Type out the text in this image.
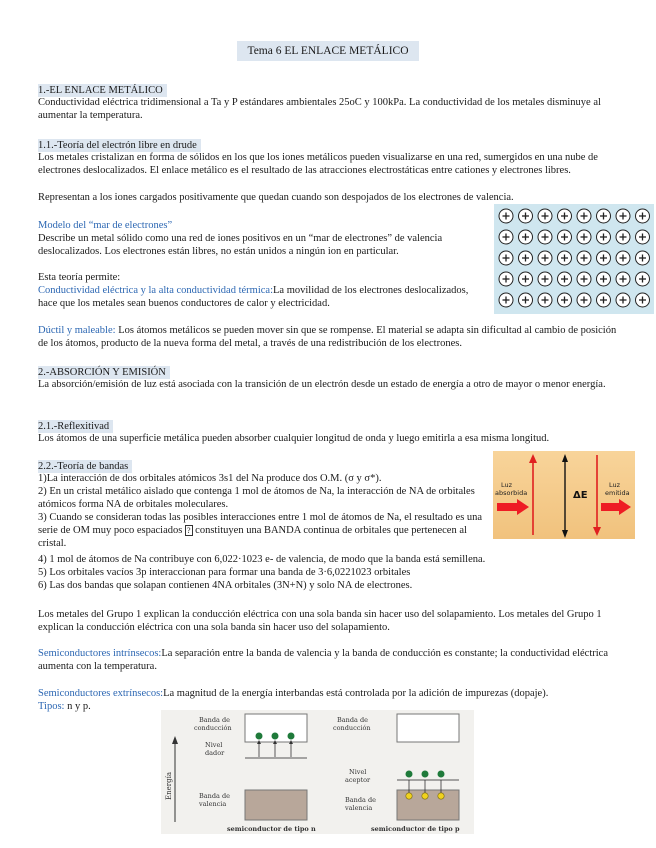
Tema 6 EL ENLACE METÁLICO
1.-EL ENLACE METÁLICO

Conductividad eléctrica tridimensional a Ta y P estándares ambientales 25oC y 100kPa. La conductividad de los metales disminuye al aumentar la temperatura.

1.1.-Teoría del electrón libre en drude

Los metales cristalizan en forma de sólidos en los que los iones metálicos pueden visualizarse en una red, sumergidos en una nube de electrones deslocalizados. El enlace metálico es el resultado de las atracciones electrostáticas entre cationes y electrones libres.

Representan a los iones cargados positivamente que quedan cuando son despojados de los electrones de valencia.

Modelo del “mar de electrones”

Describe un metal sólido como una red de iones positivos en un “mar de electrones” de valencia deslocalizados. Los electrones están libres, no están unidos a ningún ion en particular.

Esta teoría permite:

Conductividad eléctrica y la alta conductividad térmica:La movilidad de los electrones deslocalizados, hace que los metales sean buenos conductores de calor y electricidad.

Dúctil y maleable: Los átomos metálicos se pueden mover sin que se rompense. El material se adapta sin dificultad al cambio de posición de los átomos, producto de la nueva forma del metal, a través de una redistribución de los electrones.

2.-ABSORCIÓN Y EMISIÓN

La absorción/emisión de luz está asociada con la transición de un electrón desde un estado de energía a otro de mayor o menor energía.

2.1.-Reflexitivad

Los átomos de una superficie metálica pueden absorber cualquier longitud de onda y luego emitirla a esa misma longitud.

2.2.-Teoría de bandas

1)La interacción de dos orbitales atómicos 3s1 del Na produce dos O.M. (σ y σ*).

2) En un cristal metálico aislado que contenga 1 mol de átomos de Na, la interacción de NA de orbitales atómicos forma NA de orbitales moleculares.

3) Cuando se consideran todas las posibles interacciones entre 1 mol de átomos de Na, el resultado es una serie de OM muy poco espaciados ? constituyen una BANDA continua de orbitales que pertenecen al cristal.

4) 1 mol de átomos de Na contribuye con 6,022·1023 e- de valencia, de modo que la banda está semillena.

5) Los orbitales vacíos 3p interaccionan para formar una banda de 3·6,0221023 orbitales

6) Las dos bandas que solapan contienen 4NA orbitales (3N+N) y solo NA de electrones.

ΔE
Luz
absorbida
Luz
emitida

Los metales del Grupo 1 explican la conducción eléctrica con una sola banda sin hacer uso del solapamiento. Los metales del Grupo 1 explican la conducción eléctrica con una sola banda sin hacer uso del solapamiento.

Semiconductores intrínsecos:La separación entre la banda de valencia y la banda de conducción es constante; la conductividad eléctrica aumenta con la temperatura.

Semiconductores extrínsecos:La magnitud de la energía interbandas está controlada por la adición de impurezas (dopaje).

Tipos: n y p.

Energía
Banda de
conducción
Nivel
dador
Banda de
valencia
semiconductor de tipo n
Banda de
conducción
Nivel
aceptor
Banda de
valencia
semiconductor de tipo p
